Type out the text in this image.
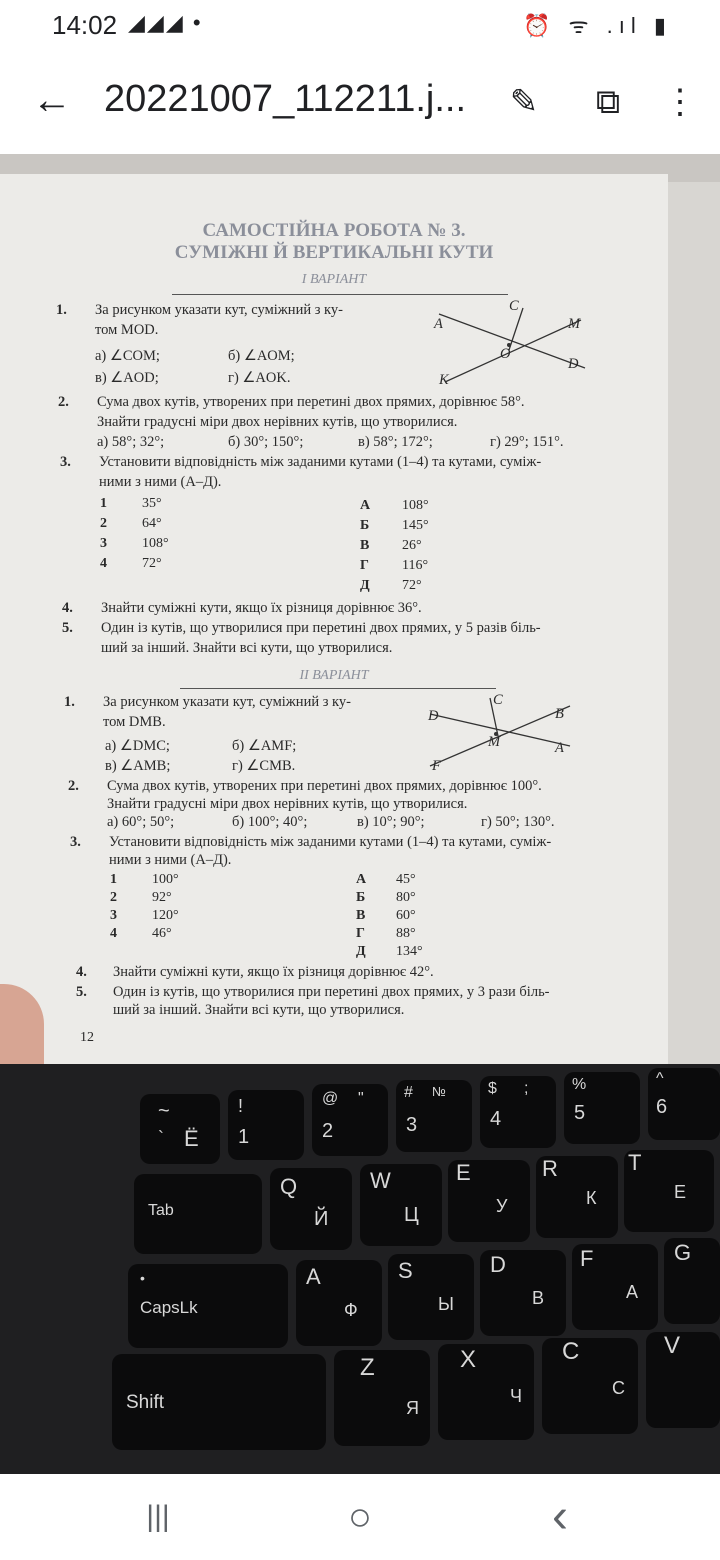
14:02 ◢◢◢ •	⏰ ᯤ .ıl ▮
← 20221007_112211.j... ✎	⧉	⋮
САМОСТІЙНА РОБОТА № 3.
СУМІЖНІ Й ВЕРТИКАЛЬНІ КУТИ
I ВАРІАНТ
1. За рисунком указати кут, суміжний з ку-
том MOD.
а) ∠COM;	б) ∠AOM;
в) ∠AOD;	г) ∠AOK.
A
C
M
O
D
K
2. Сума двох кутів, утворених при перетині двох прямих, дорівнює 58°.
Знайти градусні міри двох нерівних кутів, що утворилися.
а) 58°; 32°;	б) 30°; 150°;	в) 58°; 172°;	г) 29°; 151°.
3. Установити відповідність між заданими кутами (1–4) та кутами, суміж-
ними з ними (А–Д).
1	35°
2	64°
3	108°
4	72°
А 108°
Б 145°
В 26°
Г 116°
Д 72°
4. Знайти суміжні кути, якщо їх різниця дорівнює 36°.
5. Один із кутів, що утворилися при перетині двох прямих, у 5 разів біль-
ший за інший. Знайти всі кути, що утворилися.
II ВАРІАНТ
1. За рисунком указати кут, суміжний з ку-
том DMB.
а) ∠DMC;	б) ∠AMF;
в) ∠AMB;	г) ∠CMB.
D
C
B
M	A
F
2. Сума двох кутів, утворених при перетині двох прямих, дорівнює 100°.
Знайти градусні міри двох нерівних кутів, що утворилися.
а) 60°; 50°;	б) 100°; 40°;	в) 10°; 90°;	г) 50°; 130°.
3. Установити відповідність між заданими кутами (1–4) та кутами, суміж-
ними з ними (А–Д).
1	100°
2	92°
3	120°
4	46°
А 45°
Б 80°
В 60°
Г 88°
Д 134°
4. Знайти суміжні кути, якщо їх різниця дорівнює 42°.
5. Один із кутів, що утворилися при перетині двох прямих, у 3 рази біль-
ший за інший. Знайти всі кути, що утворилися.
12
~
Ё
`
!
1
@
2
"	#
3
№	$
4
;	%
5
^
6
Tab
Q
Й
W
Ц
E
У
R
К
T
Е
•
CapsLk
A
Ф
S
Ы
D
В
F
А
G
Shift
Z
Я
X
Ч
C
С
V
|||	○	‹
